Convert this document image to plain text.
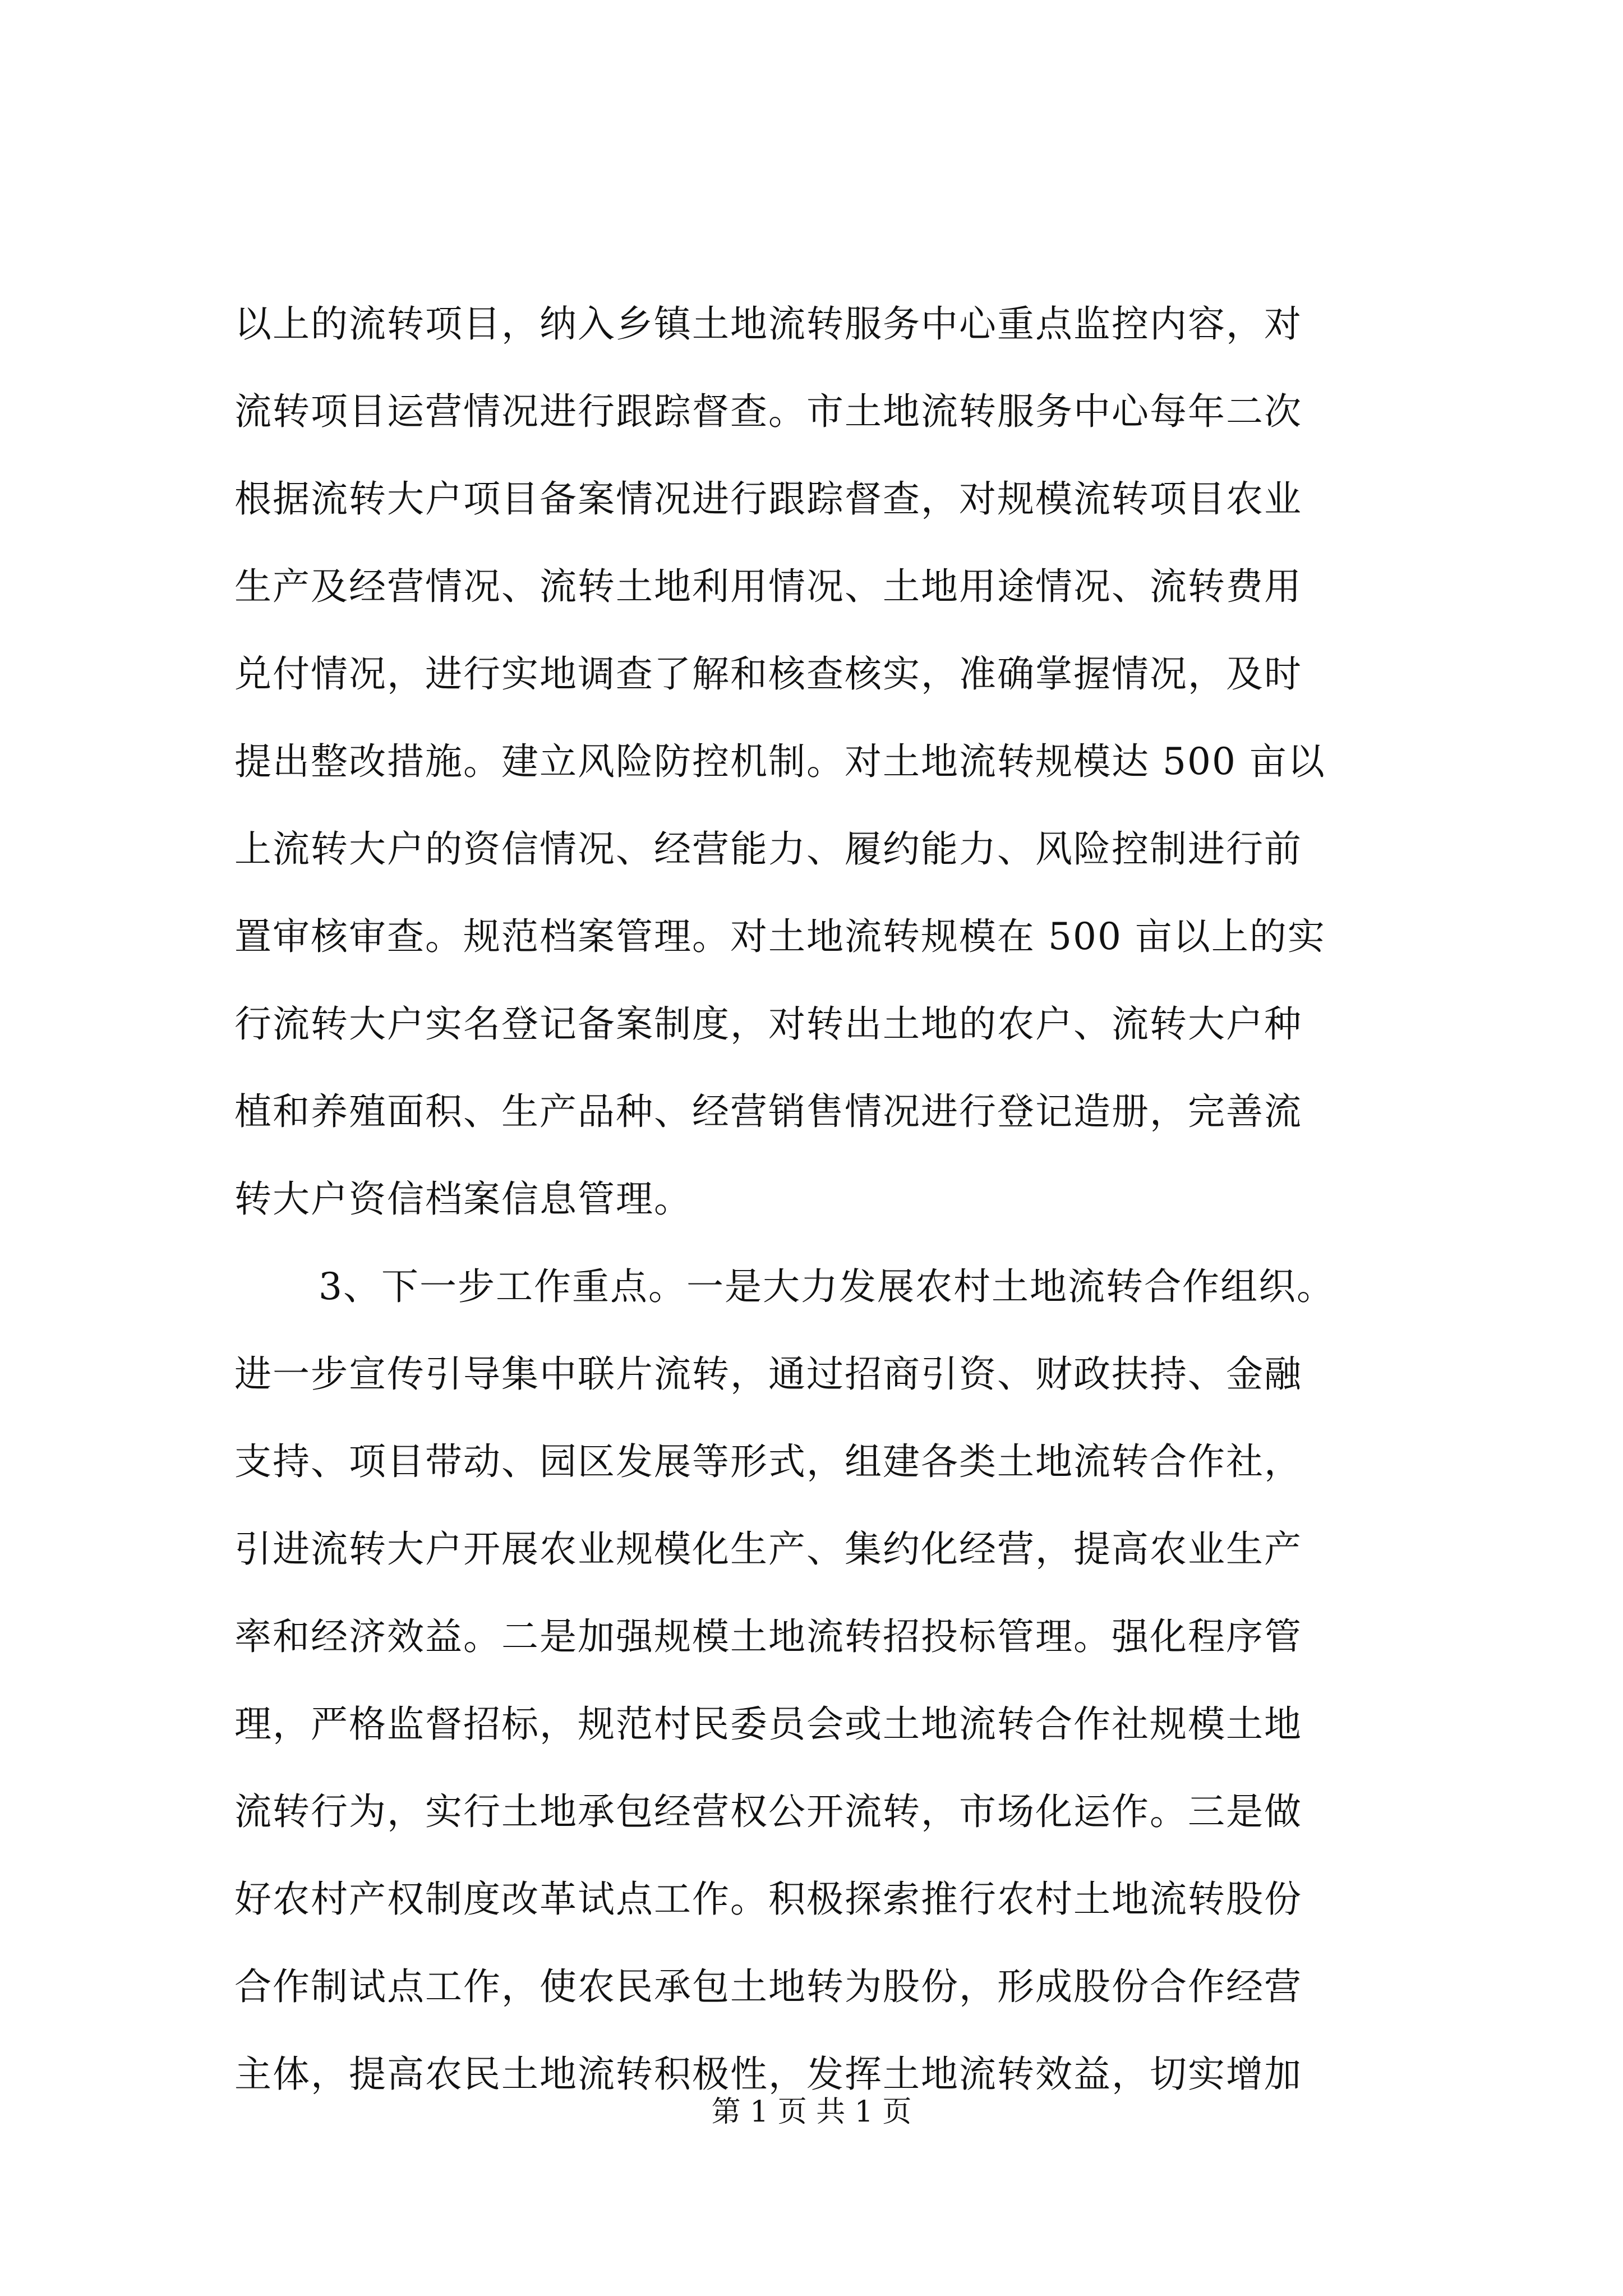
以上的流转项目，纳入乡镇土地流转服务中心重点监控内容，对
流转项目运营情况进行跟踪督查。市土地流转服务中心每年二次
根据流转大户项目备案情况进行跟踪督查，对规模流转项目农业
生产及经营情况、流转土地利用情况、土地用途情况、流转费用
兑付情况，进行实地调查了解和核查核实，准确掌握情况，及时
提出整改措施。建立风险防控机制。对土地流转规模达 500 亩以
上流转大户的资信情况、经营能力、履约能力、风险控制进行前
置审核审查。规范档案管理。对土地流转规模在 500 亩以上的实
行流转大户实名登记备案制度，对转出土地的农户、流转大户种
植和养殖面积、生产品种、经营销售情况进行登记造册，完善流
转大户资信档案信息管理。
3、下一步工作重点。一是大力发展农村土地流转合作组织。
进一步宣传引导集中联片流转，通过招商引资、财政扶持、金融
支持、项目带动、园区发展等形式，组建各类土地流转合作社，
引进流转大户开展农业规模化生产、集约化经营，提高农业生产
率和经济效益。二是加强规模土地流转招投标管理。强化程序管
理，严格监督招标，规范村民委员会或土地流转合作社规模土地
流转行为，实行土地承包经营权公开流转，市场化运作。三是做
好农村产权制度改革试点工作。积极探索推行农村土地流转股份
合作制试点工作，使农民承包土地转为股份，形成股份合作经营
主体，提高农民土地流转积极性，发挥土地流转效益，切实增加
第 1 页 共 1 页
